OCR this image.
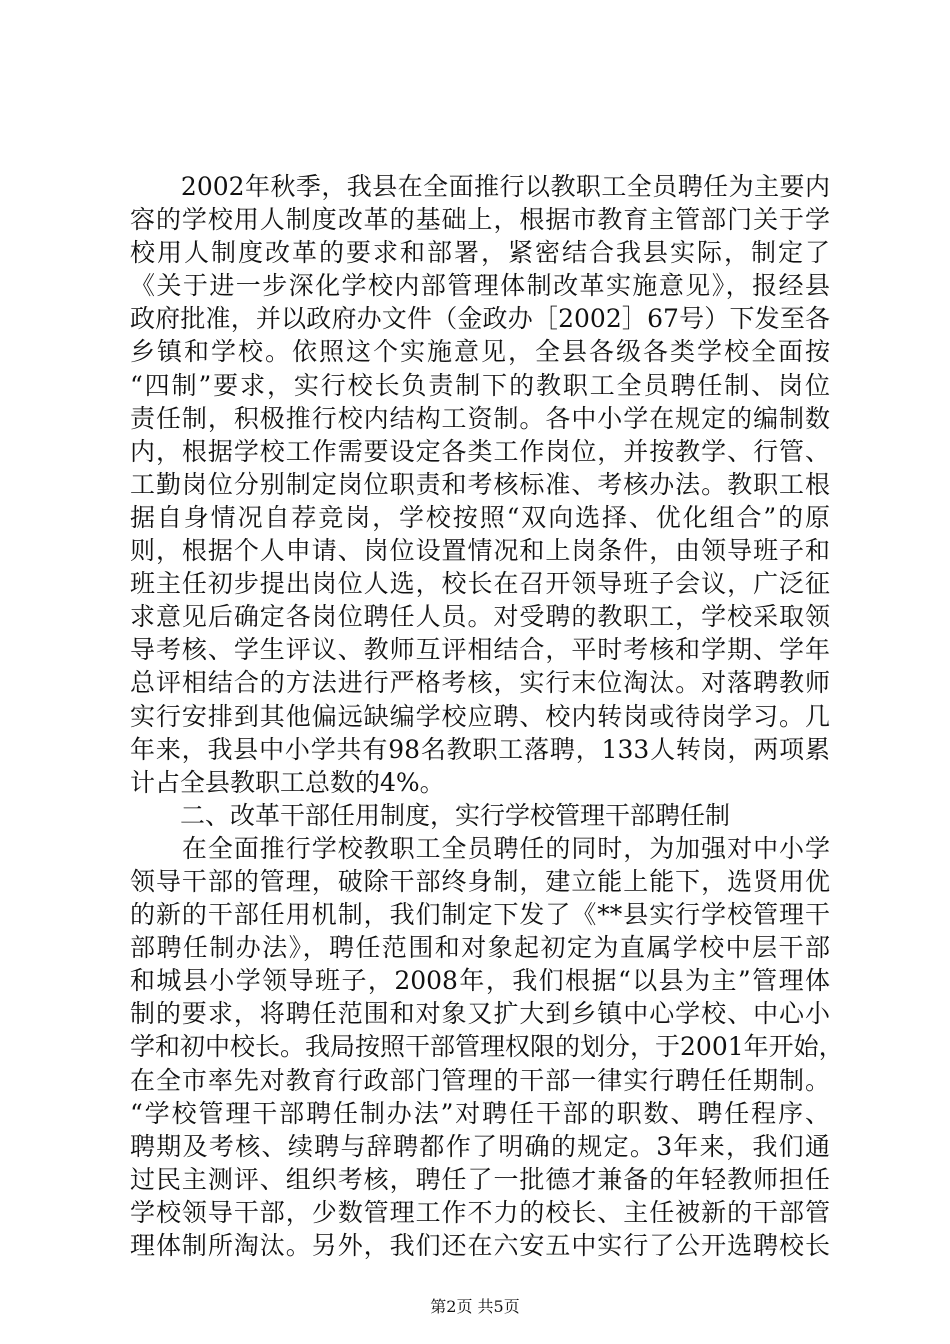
　　2002年秋季，我县在全面推行以教职工全员聘任为主要内
容的学校用人制度改革的基础上，根据市教育主管部门关于学
校用人制度改革的要求和部署，紧密结合我县实际，制定了
《关于进一步深化学校内部管理体制改革实施意见》，报经县
政府批准，并以政府办文件（金政办［2002］67号）下发至各
乡镇和学校。依照这个实施意见，全县各级各类学校全面按
“四制”要求，实行校长负责制下的教职工全员聘任制、岗位
责任制，积极推行校内结构工资制。各中小学在规定的编制数
内，根据学校工作需要设定各类工作岗位，并按教学、行管、
工勤岗位分别制定岗位职责和考核标准、考核办法。教职工根
据自身情况自荐竞岗，学校按照“双向选择、优化组合”的原
则，根据个人申请、岗位设置情况和上岗条件，由领导班子和
班主任初步提出岗位人选，校长在召开领导班子会议，广泛征
求意见后确定各岗位聘任人员。对受聘的教职工，学校采取领
导考核、学生评议、教师互评相结合，平时考核和学期、学年
总评相结合的方法进行严格考核，实行末位淘汰。对落聘教师
实行安排到其他偏远缺编学校应聘、校内转岗或待岗学习。几
年来，我县中小学共有98名教职工落聘，133人转岗，两项累
计占全县教职工总数的4%。
　　二、改革干部任用制度，实行学校管理干部聘任制
　　在全面推行学校教职工全员聘任的同时，为加强对中小学
领导干部的管理，破除干部终身制，建立能上能下，选贤用优
的新的干部任用机制，我们制定下发了《**县实行学校管理干
部聘任制办法》，聘任范围和对象起初定为直属学校中层干部
和城县小学领导班子，2008年，我们根据“以县为主”管理体
制的要求，将聘任范围和对象又扩大到乡镇中心学校、中心小
学和初中校长。我局按照干部管理权限的划分，于2001年开始，
在全市率先对教育行政部门管理的干部一律实行聘任任期制。
“学校管理干部聘任制办法”对聘任干部的职数、聘任程序、
聘期及考核、续聘与辞聘都作了明确的规定。3年来，我们通
过民主测评、组织考核，聘任了一批德才兼备的年轻教师担任
学校领导干部，少数管理工作不力的校长、主任被新的干部管
理体制所淘汰。另外，我们还在六安五中实行了公开选聘校长
第2页 共5页
